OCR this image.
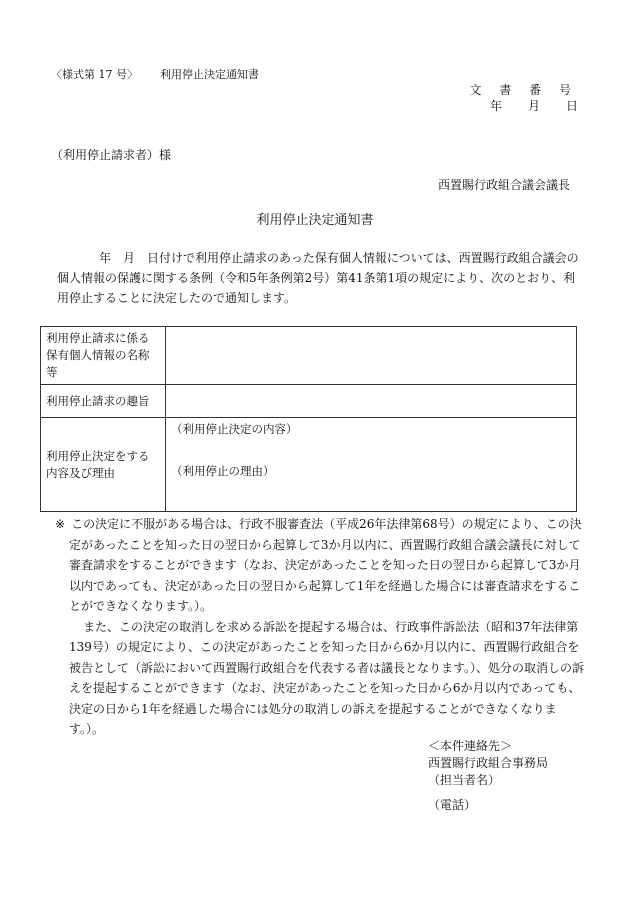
〈様式第 17 号〉 利用停止決定通知書
文 書 番 号
年 月 日
（利用停止請求者）様
西置賜行政組合議会議長
利用停止決定通知書
年　月　日付けで利用停止請求のあった保有個人情報については、西置賜行政組合議会の個人情報の保護に関する条例（令和5年条例第2号）第41条第1項の規定により、次のとおり、利用停止することに決定したので通知します。
利用停止請求に係る保有個人情報の名称等	
利用停止請求の趣旨	
利用停止決定をする内容及び理由	（利用停止決定の内容）
（利用停止の理由）

※ この決定に不服がある場合は、行政不服審査法（平成26年法律第68号）の規定により、この決定があったことを知った日の翌日から起算して3か月以内に、西置賜行政組合議会議長に対して審査請求をすることができます（なお、決定があったことを知った日の翌日から起算して3か月以内であっても、決定があった日の翌日から起算して1年を経過した場合には審査請求をすることができなくなります。）。

また、この決定の取消しを求める訴訟を提起する場合は、行政事件訴訟法（昭和37年法律第139号）の規定により、この決定があったことを知った日から6か月以内に、西置賜行政組合を被告として（訴訟において西置賜行政組合を代表する者は議長となります。）、処分の取消しの訴えを提起することができます（なお、決定があったことを知った日から6か月以内であっても、決定の日から1年を経過した場合には処分の取消しの訴えを提起することができなくなります。）。

＜本件連絡先＞
西置賜行政組合事務局
（担当者名）
（電話）
